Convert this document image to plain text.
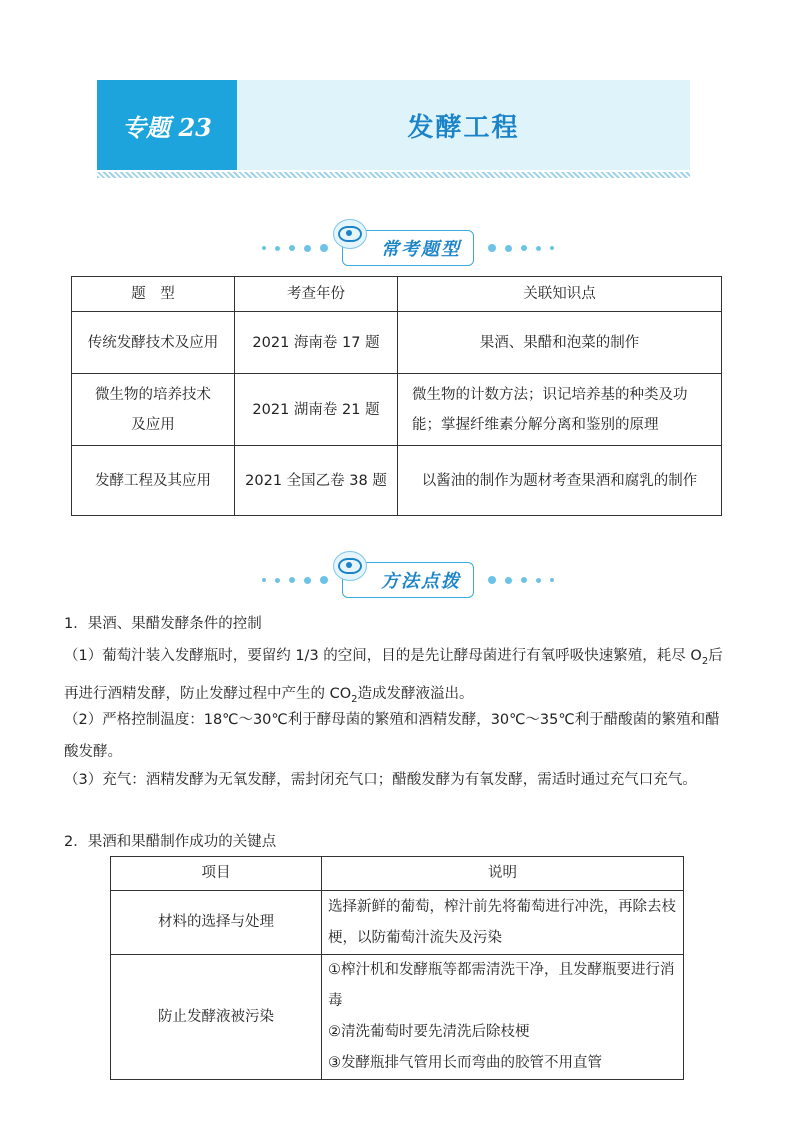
专题 23	发酵工程
常考题型
题　型	考查年份	关联知识点
传统发酵技术及应用	2021 海南卷 17 题	果酒、果醋和泡菜的制作
微生物的培养技术及应用	2021 湖南卷 21 题	微生物的计数方法；识记培养基的种类及功能；掌握纤维素分解分离和鉴别的原理
发酵工程及其应用	2021 全国乙卷 38 题	以酱油的制作为题材考查果酒和腐乳的制作
方法点拨
1．果酒、果醋发酵条件的控制
（1）葡萄汁装入发酵瓶时，要留约 1/3 的空间，目的是先让酵母菌进行有氧呼吸快速繁殖，耗尽 $O_2$后再进行酒精发酵，防止发酵过程中产生的 $CO_2$造成发酵液溢出。
（2）严格控制温度：18℃～30℃利于酵母菌的繁殖和酒精发酵，30℃～35℃利于醋酸菌的繁殖和醋酸发酵。
（3）充气：酒精发酵为无氧发酵，需封闭充气口；醋酸发酵为有氧发酵，需适时通过充气口充气。
2．果酒和果醋制作成功的关键点
项目	说明
材料的选择与处理	选择新鲜的葡萄，榨汁前先将葡萄进行冲洗，再除去枝梗，以防葡萄汁流失及污染
防止发酵液被污染	①榨汁机和发酵瓶等都需清洗干净，且发酵瓶要进行消毒
②清洗葡萄时要先清洗后除枝梗
③发酵瓶排气管用长而弯曲的胶管不用直管
